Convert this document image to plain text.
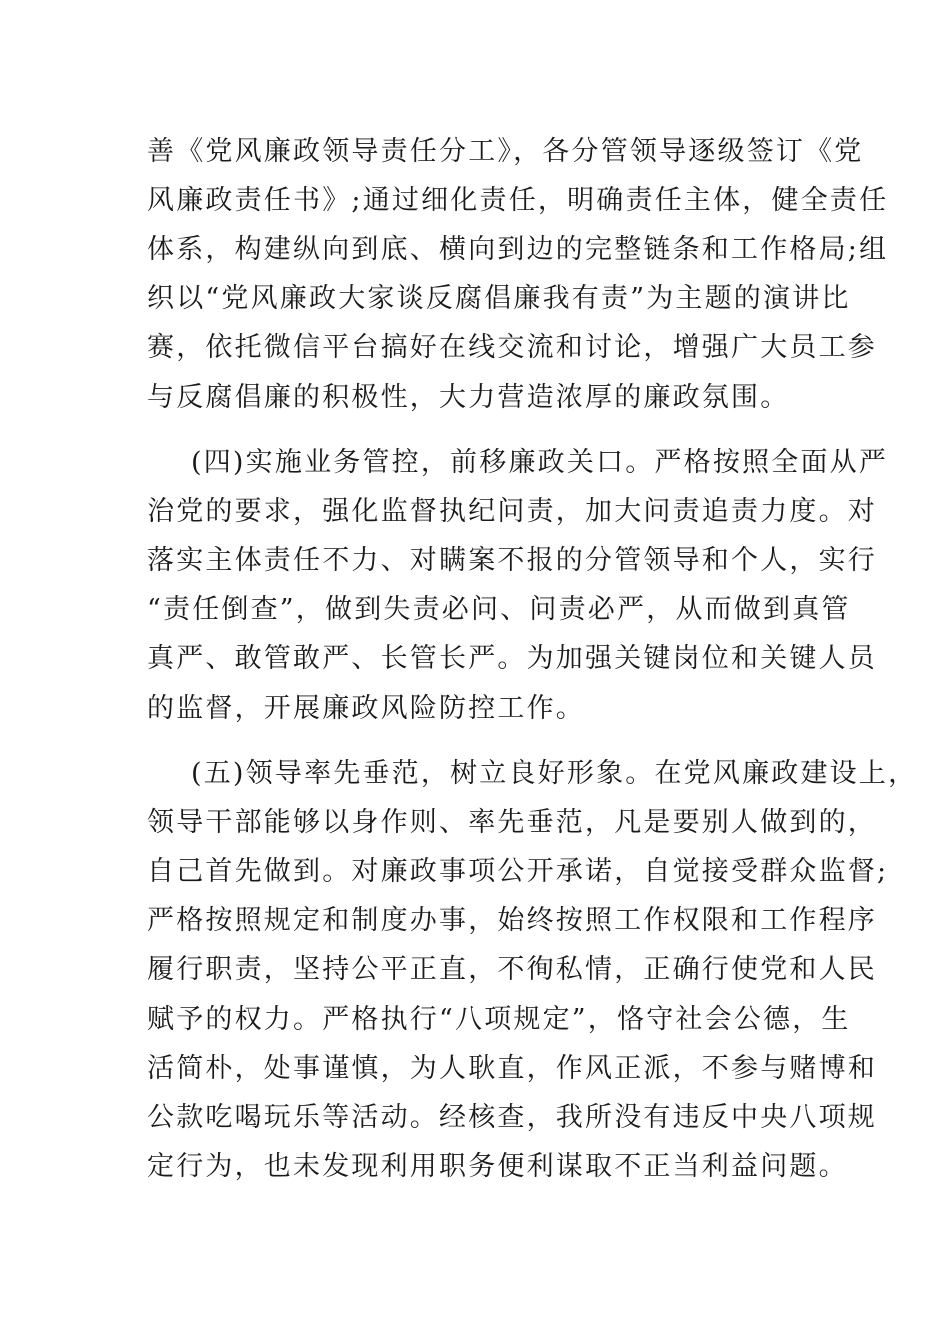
善《党风廉政领导责任分工》，各分管领导逐级签订《党
风廉政责任书》;通过细化责任，明确责任主体，健全责任
体系，构建纵向到底、横向到边的完整链条和工作格局;组
织以“党风廉政大家谈反腐倡廉我有责”为主题的演讲比
赛，依托微信平台搞好在线交流和讨论，增强广大员工参
与反腐倡廉的积极性，大力营造浓厚的廉政氛围。
(四)实施业务管控，前移廉政关口。严格按照全面从严
治党的要求，强化监督执纪问责，加大问责追责力度。对
落实主体责任不力、对瞒案不报的分管领导和个人，实行
“责任倒查”，做到失责必问、问责必严，从而做到真管
真严、敢管敢严、长管长严。为加强关键岗位和关键人员
的监督，开展廉政风险防控工作。
(五)领导率先垂范，树立良好形象。在党风廉政建设上，
领导干部能够以身作则、率先垂范，凡是要别人做到的，
自己首先做到。对廉政事项公开承诺，自觉接受群众监督;
严格按照规定和制度办事，始终按照工作权限和工作程序
履行职责，坚持公平正直，不徇私情，正确行使党和人民
赋予的权力。严格执行“八项规定”，恪守社会公德，生
活简朴，处事谨慎，为人耿直，作风正派，不参与赌博和
公款吃喝玩乐等活动。经核查，我所没有违反中央八项规
定行为，也未发现利用职务便利谋取不正当利益问题。
